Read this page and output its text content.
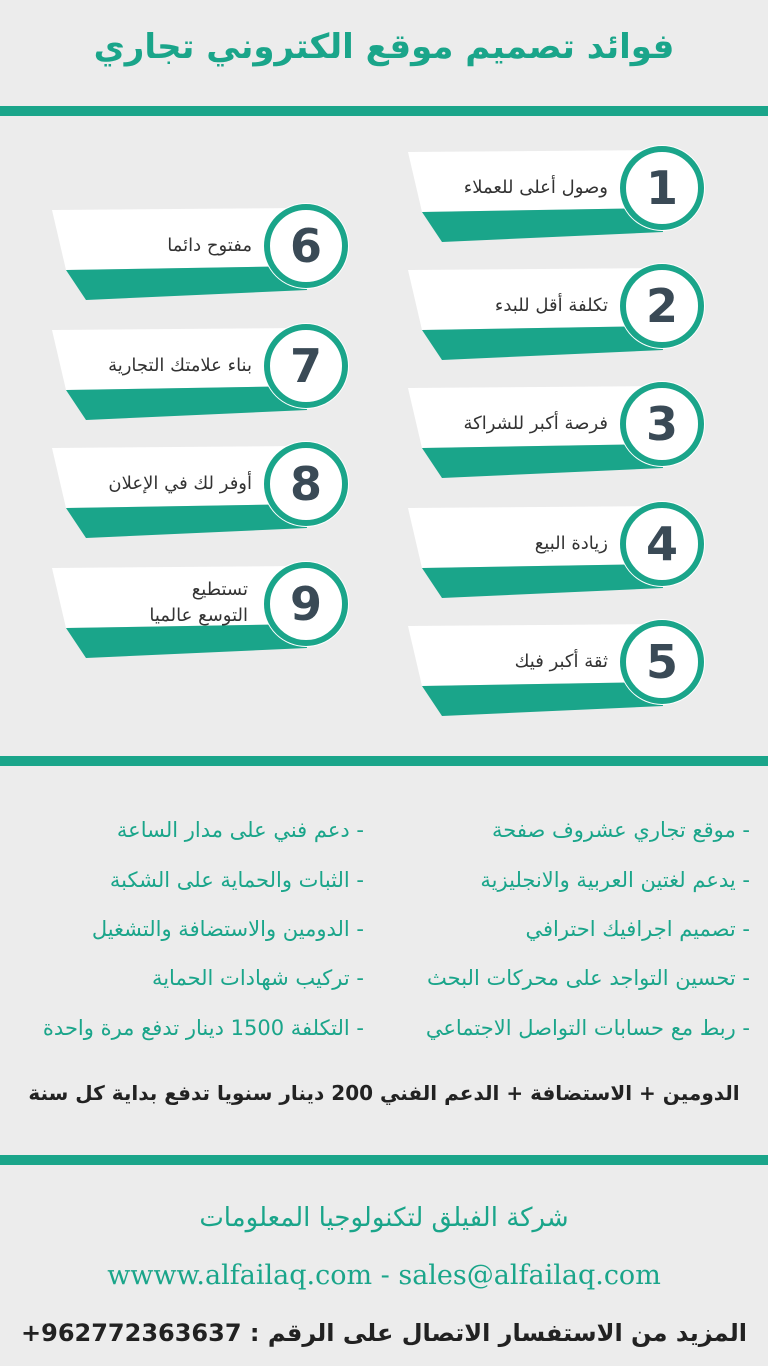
فوائد تصميم موقع الكتروني تجاري
وصول أعلى للعملاء 1
تكلفة أقل للبدء 2
فرصة أكبر للشراكة 3
زيادة البيع 4
ثقة أكبر فيك 5
مفتوح دائما 6
بناء علامتك التجارية 7
أوفر لك في الإعلان 8
تستطيع
التوسع عالميا 9
- موقع تجاري عشروف صفحة
- يدعم لغتين العربية والانجليزية
- تصميم اجرافيك احترافي
- تحسين التواجد على محركات البحث
- ربط مع حسابات التواصل الاجتماعي
- دعم فني على مدار الساعة
- الثبات والحماية على الشكبة
- الدومين والاستضافة والتشغيل
- تركيب شهادات الحماية
- التكلفة 1500 دينار تدفع مرة واحدة
الدومين + الاستضافة + الدعم الفني 200 دينار سنويا تدفع بداية كل سنة
شركة الفيلق لتكنولوجيا المعلومات
wwww.alfailaq.com - sales@alfailaq.com
المزيد من الاستفسار الاتصال على الرقم : 962772363637+
